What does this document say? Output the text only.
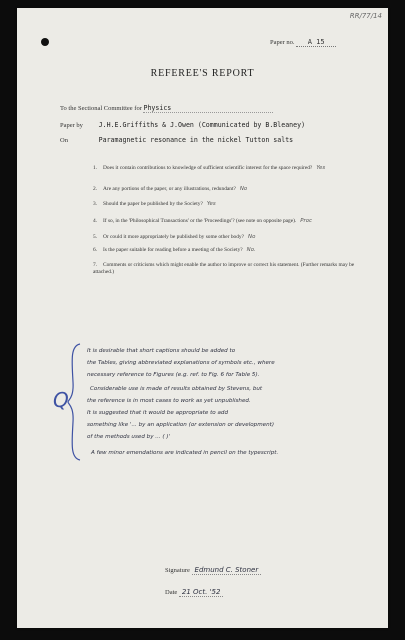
RR/77/14
Paper no. A 15
REFEREE'S REPORT
To the Sectional Committee for Physics
Paper by J.H.E.Griffiths & J.Owen (Communicated by B.Bleaney)
On	Paramagnetic resonance in the nickel Tutton salts
1. Does it contain contributions to knowledge of sufficient scientific interest for the space required? Yes
2. Are any portions of the paper, or any illustrations, redundant? No
3. Should the paper be published by the Society? Yes
4. If so, in the 'Philosophical Transactions' or the 'Proceedings'? (see note on opposite page). Proc
5. Or could it more appropriately be published by some other body? No
6. Is the paper suitable for reading before a meeting of the Society? No.
7. Comments or criticisms which might enable the author to improve or correct his statement. (Further remarks may be attached.)
Q
It is desirable that short captions should be added to
the Tables, giving abbreviated explanations of symbols etc., where
necessary reference to Figures (e.g. ref. to Fig. 6 for Table 5).
Considerable use is made of results obtained by Stevens, but
the reference is in most cases to work as yet unpublished.
It is suggested that it would be appropriate to add
something like '... by an application (or extension or development)
of the methods used by ... ( )'
A few minor emendations are indicated in pencil on the typescript.
Signature Edmund C. Stoner
Date 21 Oct. '52
